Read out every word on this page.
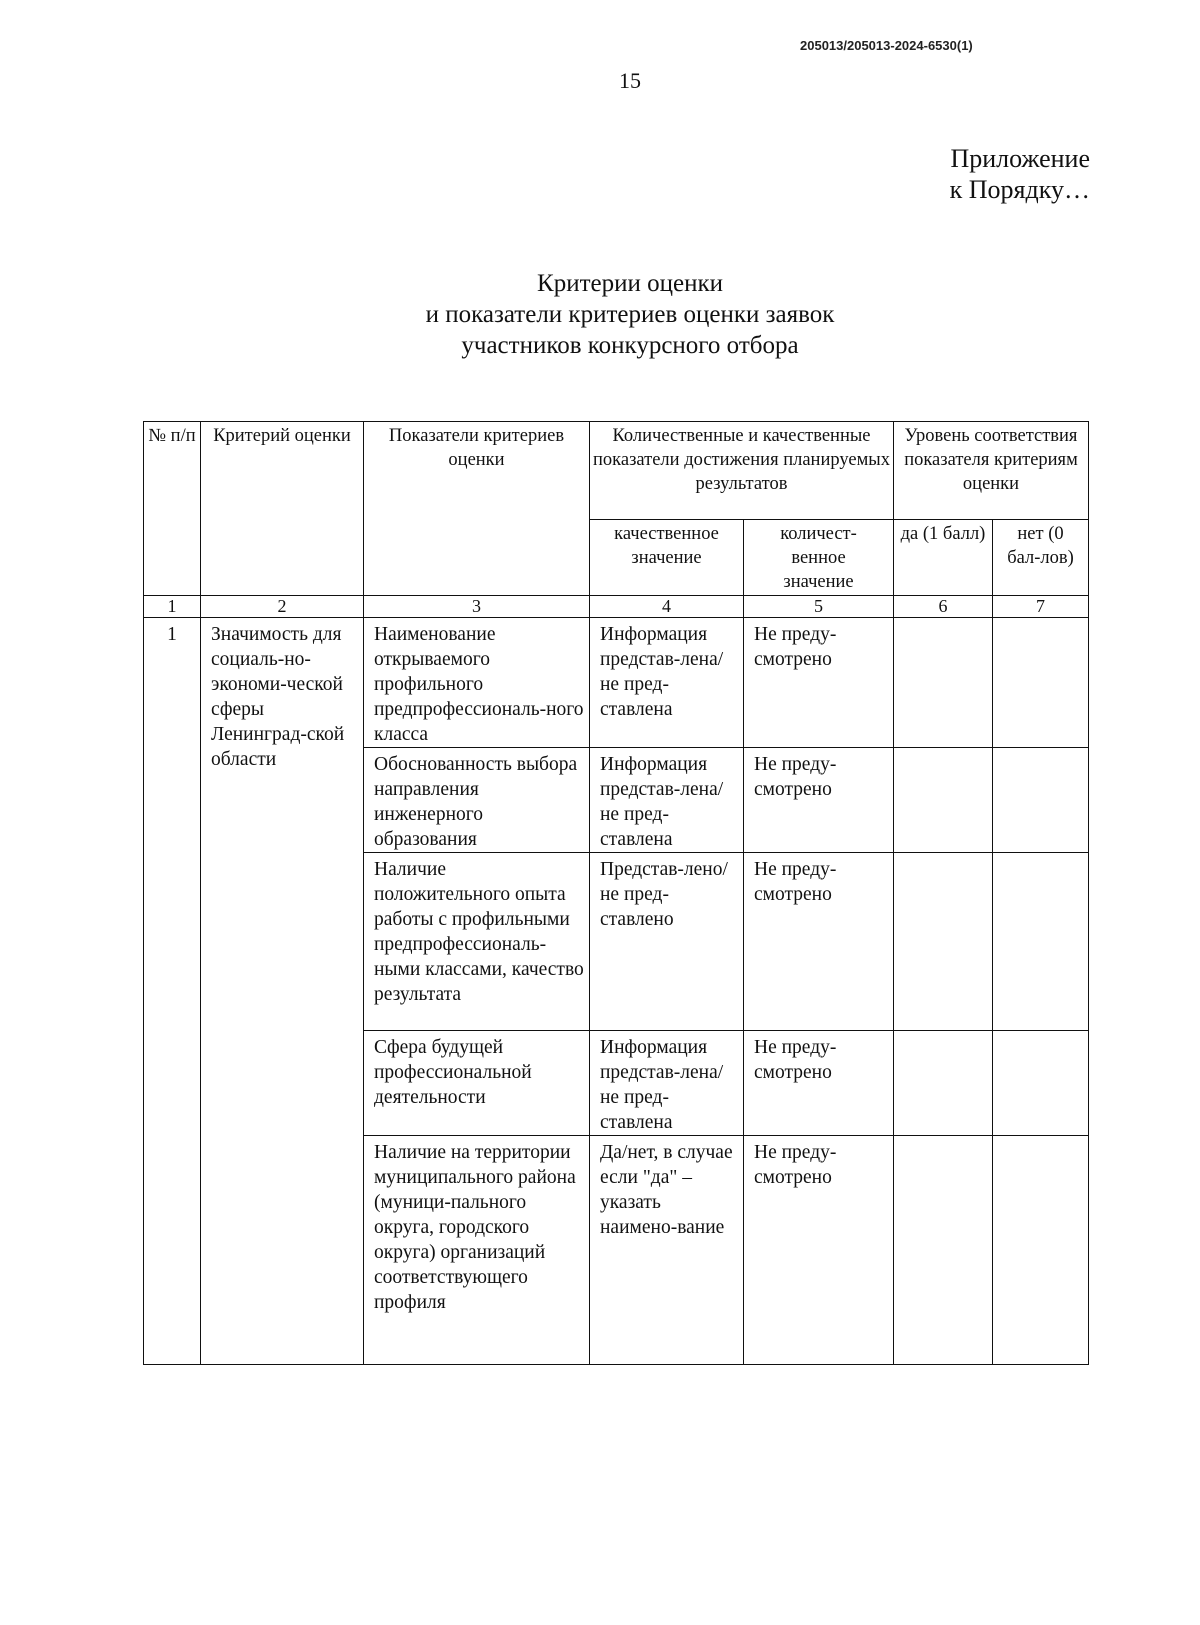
205013/205013-2024-6530(1)
15
Приложение
к Порядку…
Критерии оценки
и показатели критериев оценки заявок
участников конкурсного отбора
№ п/п	Критерий оценки	Показатели критериев оценки	Количественные и качественные показатели достижения планируемых результатов		Уровень соответствия показателя критериям оценки	
			качественное значение	количест-венное значение	да (1 балл)	нет (0 бал-лов)
1	2	3	4	5	6	7
1	Значимость для социаль-но-экономи-ческой сферы Ленинград-ской области	Наименование открываемого профильного предпрофессиональ-ного класса	Информация представ-лена/не пред-ставлена	Не преду-смотрено		
		Обоснованность выбора направления инженерного образования	Информация представ-лена/не пред-ставлена	Не преду-смотрено		
		Наличие положительного опыта работы с профильными предпрофессиональ-ными классами, качество результата	Представ-лено/ не пред-ставлено	Не преду-смотрено		
		Сфера будущей профессиональной деятельности	Информация представ-лена/не пред-ставлена	Не преду-смотрено		
		Наличие на территории муниципального района (муници-пального округа, городского округа) организаций соответствующего профиля	Да/нет, в случае если "да" – указать наимено-вание	Не преду-смотрено		
